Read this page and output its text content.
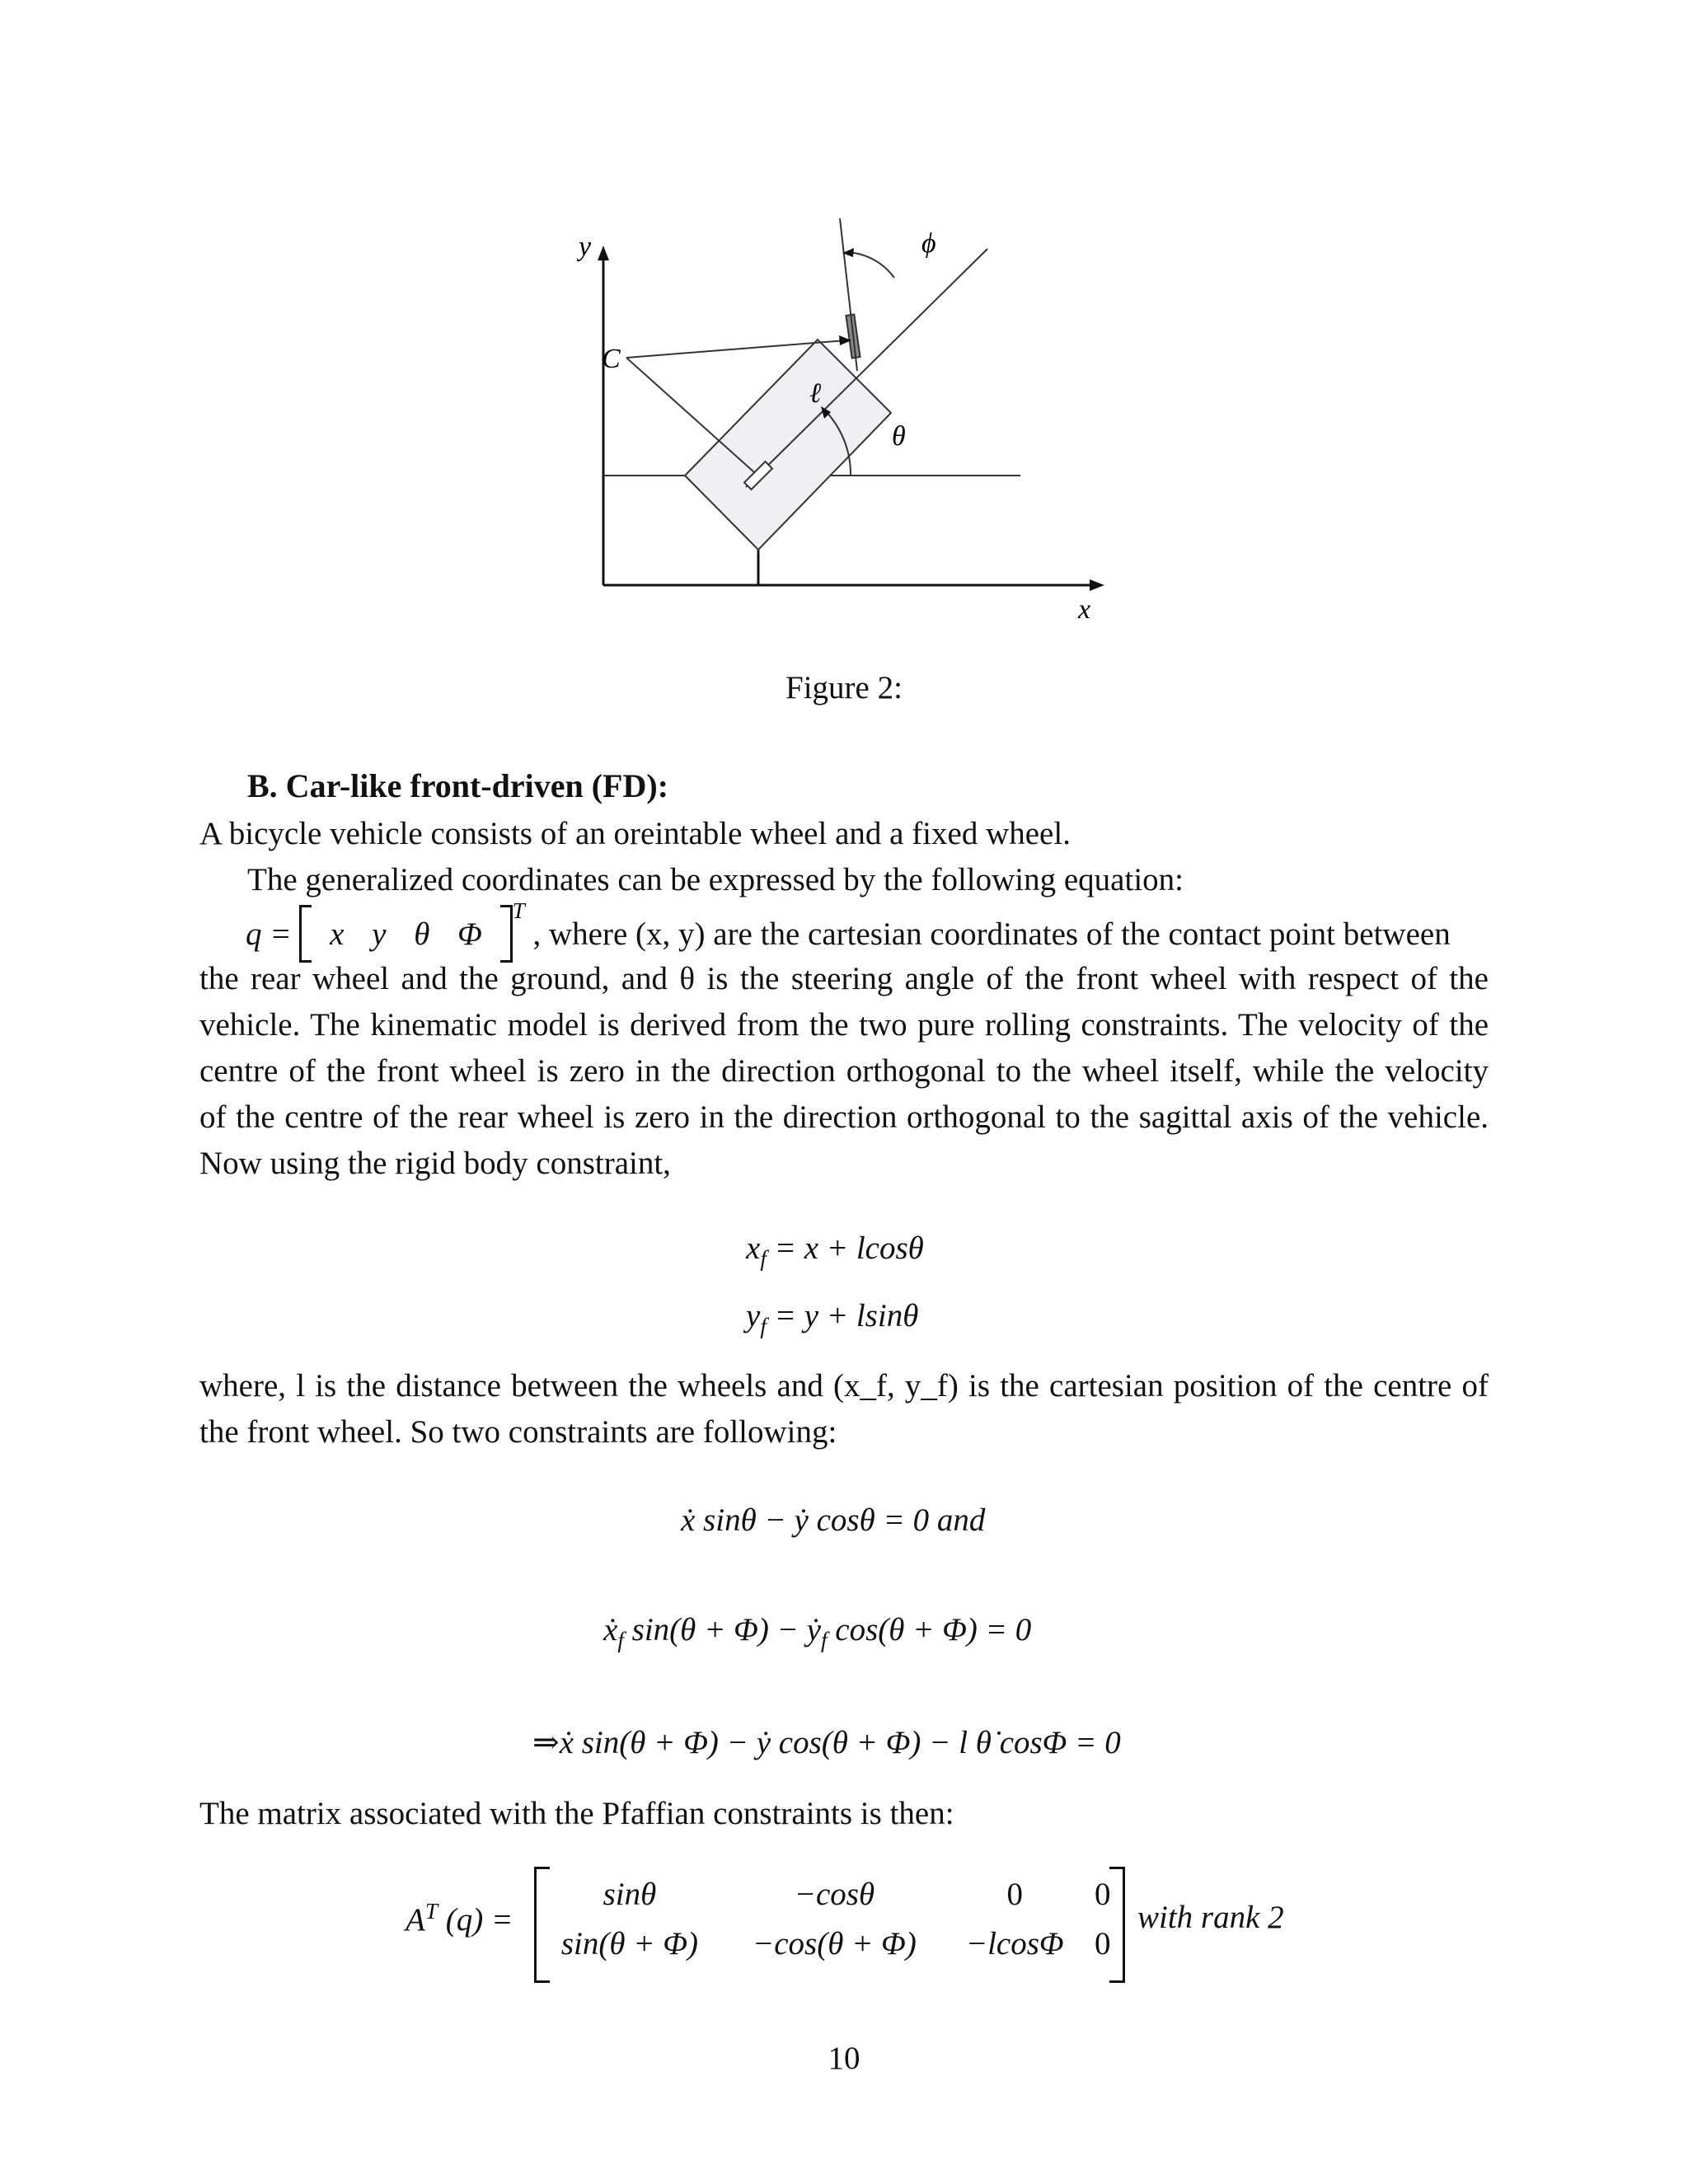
y
x
C
ℓ
θ
ϕ
Figure 2:
B. Car-like front-driven (FD):
A bicycle vehicle consists of an oreintable wheel and a fixed wheel.
The generalized coordinates can be expressed by the following equation:
q = x y θ Φ $^T$ , where (x, y) are the cartesian coordinates of the contact point between
the rear wheel and the ground, and θ is the steering angle of the front wheel with respect of the
vehicle. The kinematic model is derived from the two pure rolling constraints. The velocity of the
centre of the front wheel is zero in the direction orthogonal to the wheel itself, while the velocity
of the centre of the rear wheel is zero in the direction orthogonal to the sagittal axis of the vehicle.
Now using the rigid body constraint,
$x_f = x + lcos\theta$
$y_f = y + lsin\theta$
where, l is the distance between the wheels and (x_f, y_f) is the cartesian position of the centre of
the front wheel. So two constraints are following:
ẋ sinθ − ẏ cosθ = 0 and
ẋ$_f$ sin(θ + Φ) − ẏ$_f$ cos(θ + Φ) = 0
⇒ẋ sin(θ + Φ) − ẏ cos(θ + Φ) − l θ̇ cosΦ = 0
The matrix associated with the Pfaffian constraints is then:
$A^T$ (q) =
sinθ	−cosθ	0	0
sin(θ + Φ)	−cos(θ + Φ)	−lcosΦ	0
with rank 2
10
